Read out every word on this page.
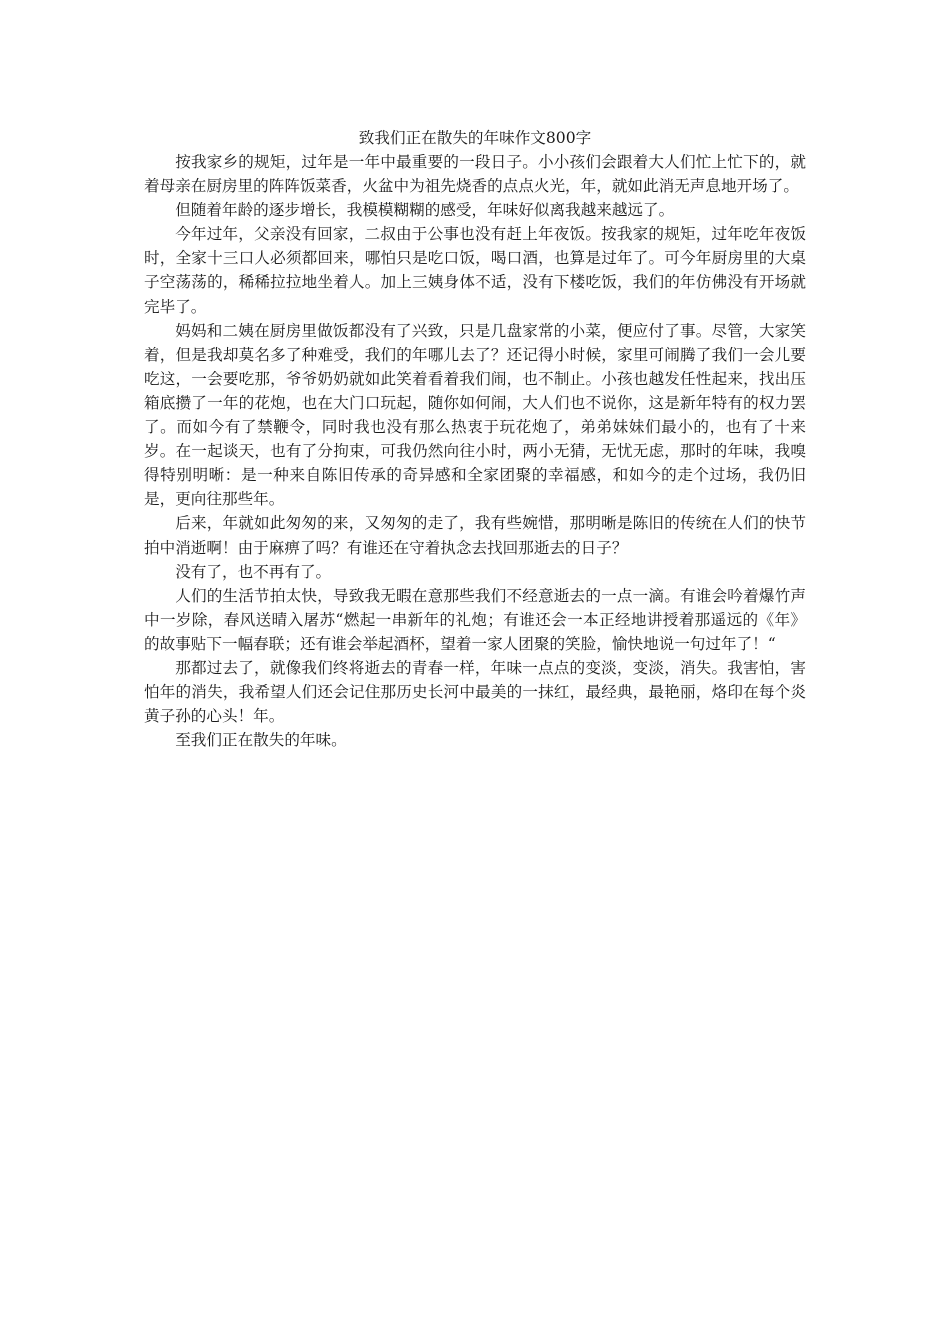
致我们正在散失的年味作文800字

按我家乡的规矩，过年是一年中最重要的一段日子。小小孩们会跟着大人们忙上忙下的，就着母亲在厨房里的阵阵饭菜香，火盆中为祖先烧香的点点火光，年，就如此消无声息地开场了。

但随着年龄的逐步增长，我模模糊糊的感受，年味好似离我越来越远了。

今年过年，父亲没有回家，二叔由于公事也没有赶上年夜饭。按我家的规矩，过年吃年夜饭时，全家十三口人必须都回来，哪怕只是吃口饭，喝口酒，也算是过年了。可今年厨房里的大桌子空荡荡的，稀稀拉拉地坐着人。加上三姨身体不适，没有下楼吃饭，我们的年仿佛没有开场就完毕了。

妈妈和二姨在厨房里做饭都没有了兴致，只是几盘家常的小菜，便应付了事。尽管，大家笑着，但是我却莫名多了种难受，我们的年哪儿去了？还记得小时候，家里可闹腾了我们一会儿要吃这，一会要吃那，爷爷奶奶就如此笑着看着我们闹，也不制止。小孩也越发任性起来，找出压箱底攒了一年的花炮，也在大门口玩起，随你如何闹，大人们也不说你，这是新年特有的权力罢了。而如今有了禁鞭令，同时我也没有那么热衷于玩花炮了，弟弟妹妹们最小的，也有了十来岁。在一起谈天，也有了分拘束，可我仍然向往小时，两小无猜，无忧无虑，那时的年味，我嗅得特别明晰：是一种来自陈旧传承的奇异感和全家团聚的幸福感，和如今的走个过场，我仍旧是，更向往那些年。

后来，年就如此匆匆的来，又匆匆的走了，我有些婉惜，那明晰是陈旧的传统在人们的快节拍中消逝啊！由于麻痹了吗？有谁还在守着执念去找回那逝去的日子？

没有了，也不再有了。

人们的生活节拍太快，导致我无暇在意那些我们不经意逝去的一点一滴。有谁会吟着爆竹声中一岁除，春风送晴入屠苏“燃起一串新年的礼炮；有谁还会一本正经地讲授着那遥远的《年》的故事贴下一幅春联；还有谁会举起酒杯，望着一家人团聚的笑脸，愉快地说一句过年了！“

那都过去了，就像我们终将逝去的青春一样，年味一点点的变淡，变淡，消失。我害怕，害怕年的消失，我希望人们还会记住那历史长河中最美的一抹红，最经典，最艳丽，烙印在每个炎黄子孙的心头！年。

至我们正在散失的年味。
